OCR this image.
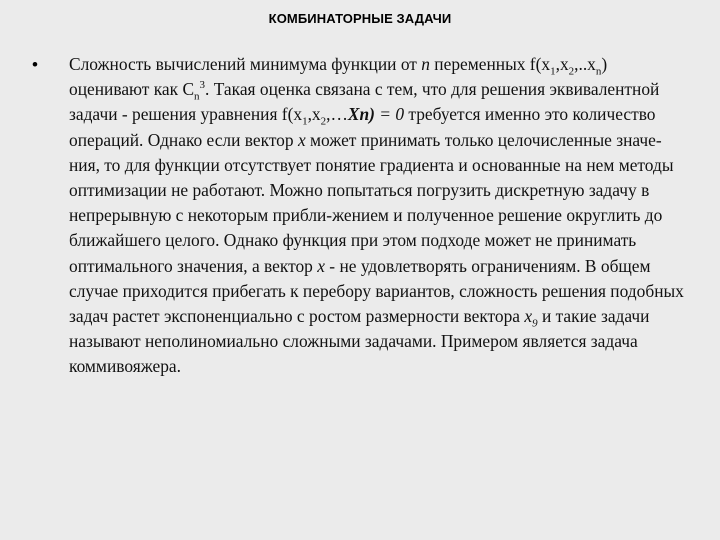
КОМБИНАТОРНЫЕ ЗАДАЧИ
• Сложность вычислений минимума функции от n переменных $f(x_1,x_2,..x_n)$ оценивают как $C_n^3$. Такая оценка связана с тем, что для решения эквивалентной задачи - решения уравнения $f(x_1,x_2,\dots Xn) = 0$ требуется именно это количество операций. Однако если вектор x может принимать только целочисленные значе-ния, то для функции отсутствует понятие градиента и основанные на нем методы оптимизации не работают. Можно попытаться погрузить дискретную задачу в непрерывную с некоторым прибли-жением и полученное решение округлить до ближайшего целого. Однако функция при этом подходе может не принимать оптимального значения, а вектор x - не удовлетворять ограничениям. В общем случае приходится прибегать к перебору вариантов, сложность решения подобных задач растет экспоненциально с ростом размерности вектора $x_9$ и такие задачи называют неполиномиально сложными задачами. Примером является задача коммивояжера.
